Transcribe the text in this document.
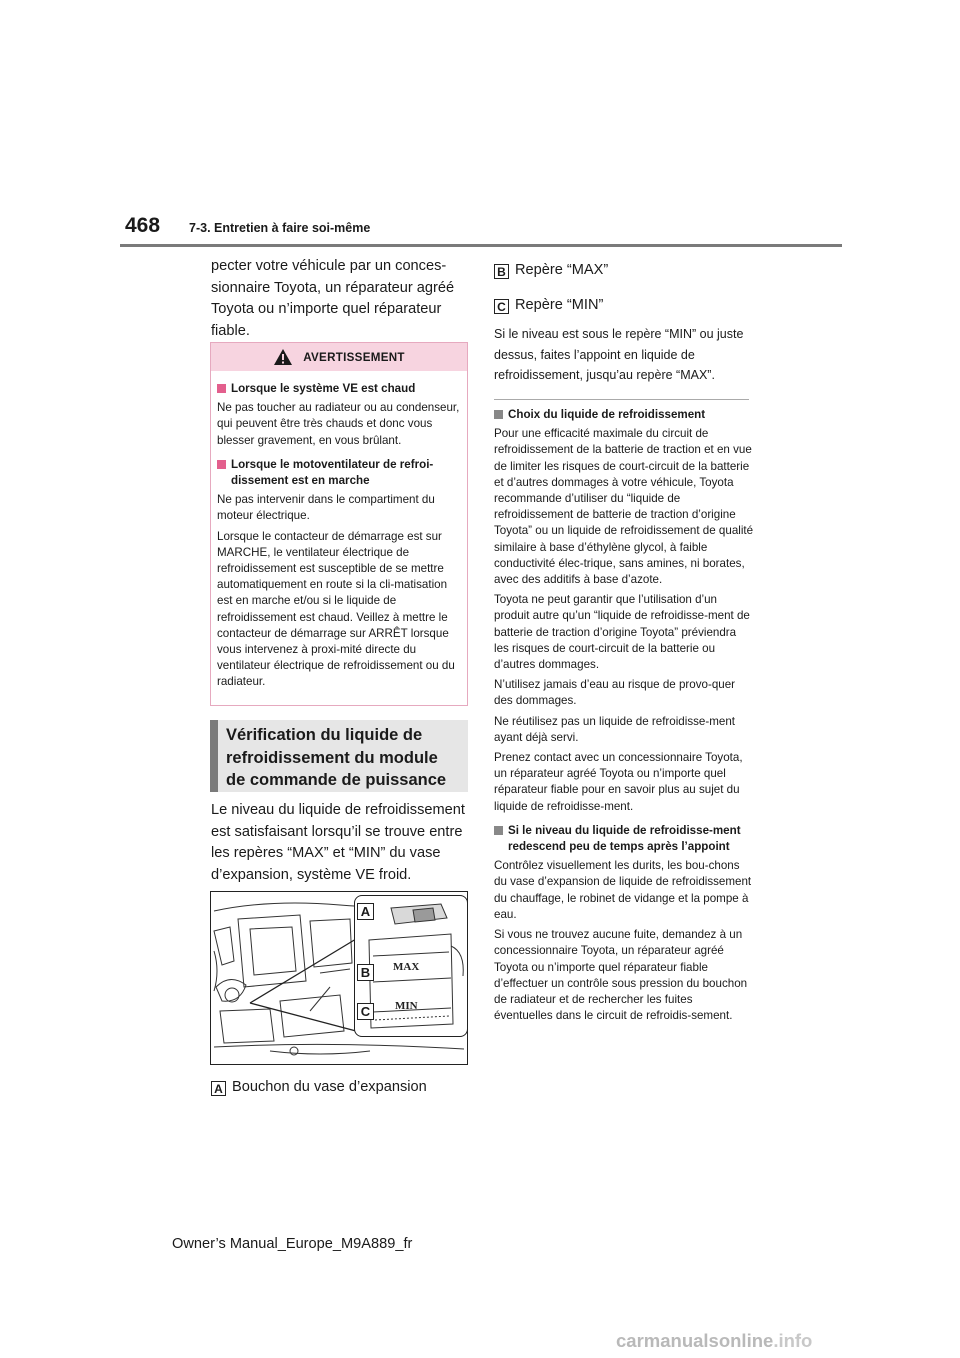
468 7-3. Entretien à faire soi-même
pecter votre véhicule par un conces-sionnaire Toyota, un réparateur agréé Toyota ou n’importe quel réparateur fiable.
AVERTISSEMENT
Lorsque le système VE est chaud

Ne pas toucher au radiateur ou au condenseur, qui peuvent être très chauds et donc vous blesser gravement, en vous brûlant.

Lorsque le motoventilateur de refroi-dissement est en marche

Ne pas intervenir dans le compartiment du moteur électrique.

Lorsque le contacteur de démarrage est sur MARCHE, le ventilateur électrique de refroidissement est susceptible de se mettre automatiquement en route si la cli-matisation est en marche et/ou si le liquide de refroidissement est chaud. Veillez à mettre le contacteur de démarrage sur ARRÊT lorsque vous intervenez à proxi-mité directe du ventilateur électrique de refroidissement ou du radiateur.

Vérification du liquide de refroidissement du module de commande de puissance
Le niveau du liquide de refroidissement est satisfaisant lorsqu’il se trouve entre les repères “MAX” et “MIN” du vase d’expansion, système VE froid.
MAX
MIN
A
B
C
A Bouchon du vase d’expansion
B Repère “MAX”
C Repère “MIN”
Si le niveau est sous le repère “MIN” ou juste dessus, faites l’appoint en liquide de refroidissement, jusqu’au repère “MAX”.
Choix du liquide de refroidissement

Pour une efficacité maximale du circuit de refroidissement de la batterie de traction et en vue de limiter les risques de court-circuit de la batterie et d’autres dommages à votre véhicule, Toyota recommande d’utiliser du “liquide de refroidissement de batterie de traction d’origine Toyota” ou un liquide de refroidissement de qualité similaire à base d’éthylène glycol, à faible conductivité élec-trique, sans amines, ni borates, avec des additifs à base d’azote.

Toyota ne peut garantir que l’utilisation d’un produit autre qu’un “liquide de refroidisse-ment de batterie de traction d’origine Toyota” préviendra les risques de court-circuit de la batterie ou d’autres dommages.

N’utilisez jamais d’eau au risque de provo-quer des dommages.

Ne réutilisez pas un liquide de refroidisse-ment ayant déjà servi.

Prenez contact avec un concessionnaire Toyota, un réparateur agréé Toyota ou n’importe quel réparateur fiable pour en savoir plus au sujet du liquide de refroidisse-ment.

Si le niveau du liquide de refroidisse-ment redescend peu de temps après l’appoint

Contrôlez visuellement les durits, les bou-chons du vase d’expansion de liquide de refroidissement du chauffage, le robinet de vidange et la pompe à eau.

Si vous ne trouvez aucune fuite, demandez à un concessionnaire Toyota, un réparateur agréé Toyota ou n’importe quel réparateur fiable d’effectuer un contrôle sous pression du bouchon de radiateur et de rechercher les fuites éventuelles dans le circuit de refroidis-sement.

Owner’s Manual_Europe_M9A889_fr
carmanualsonline.info
